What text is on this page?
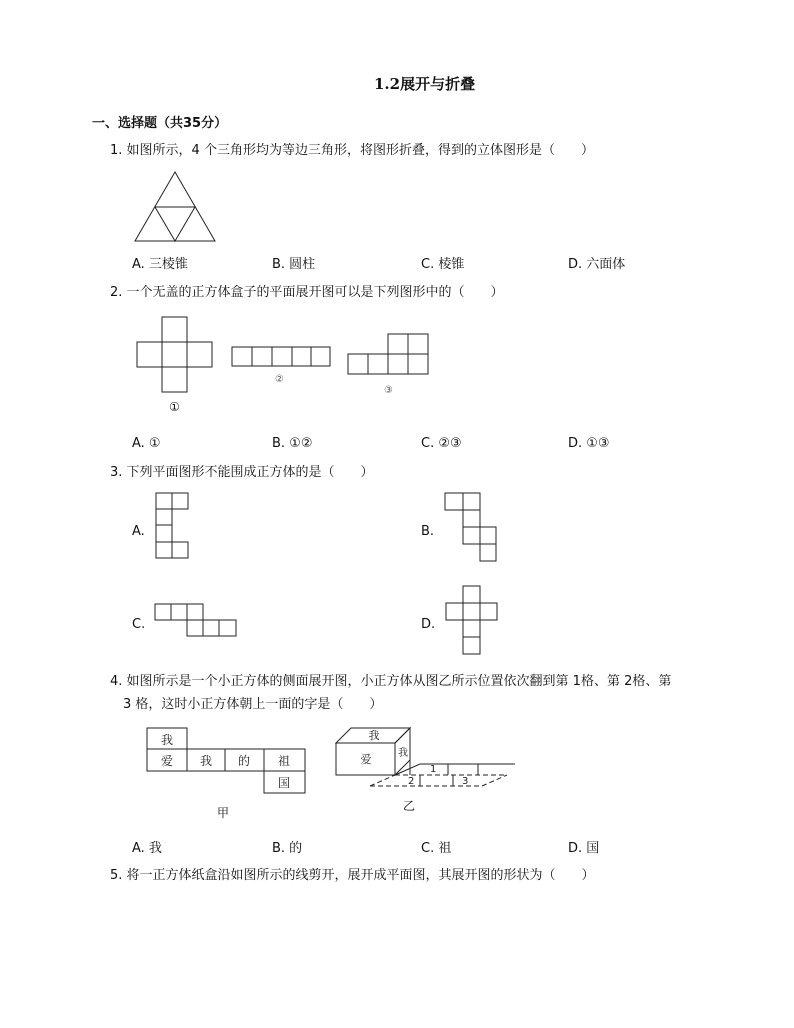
1.2展开与折叠
一、选择题（共35分）
1. 如图所示，4 个三角形均为等边三角形，将图形折叠，得到的立体图形是（　　）
A. 三棱锥	B. 圆柱	C. 棱锥	D. 六面体
2. 一个无盖的正方体盒子的平面展开图可以是下列图形中的（　　）
①
②
③
A. ①	B. ①②	C. ②③	D. ①③
3. 下列平面图形不能围成正方体的是（　　）
A.	B.
C.	D.
4. 如图所示是一个小正方体的侧面展开图，小正方体从图乙所示位置依次翻到第 1格、第 2格、第
3 格，这时小正方体朝上一面的字是（　　）
我
爱 我 的 祖
国
甲
我
爱	我
1
2	3
乙
A. 我	B. 的	C. 祖	D. 国
5. 将一正方体纸盒沿如图所示的线剪开，展开成平面图，其展开图的形状为（　　）
